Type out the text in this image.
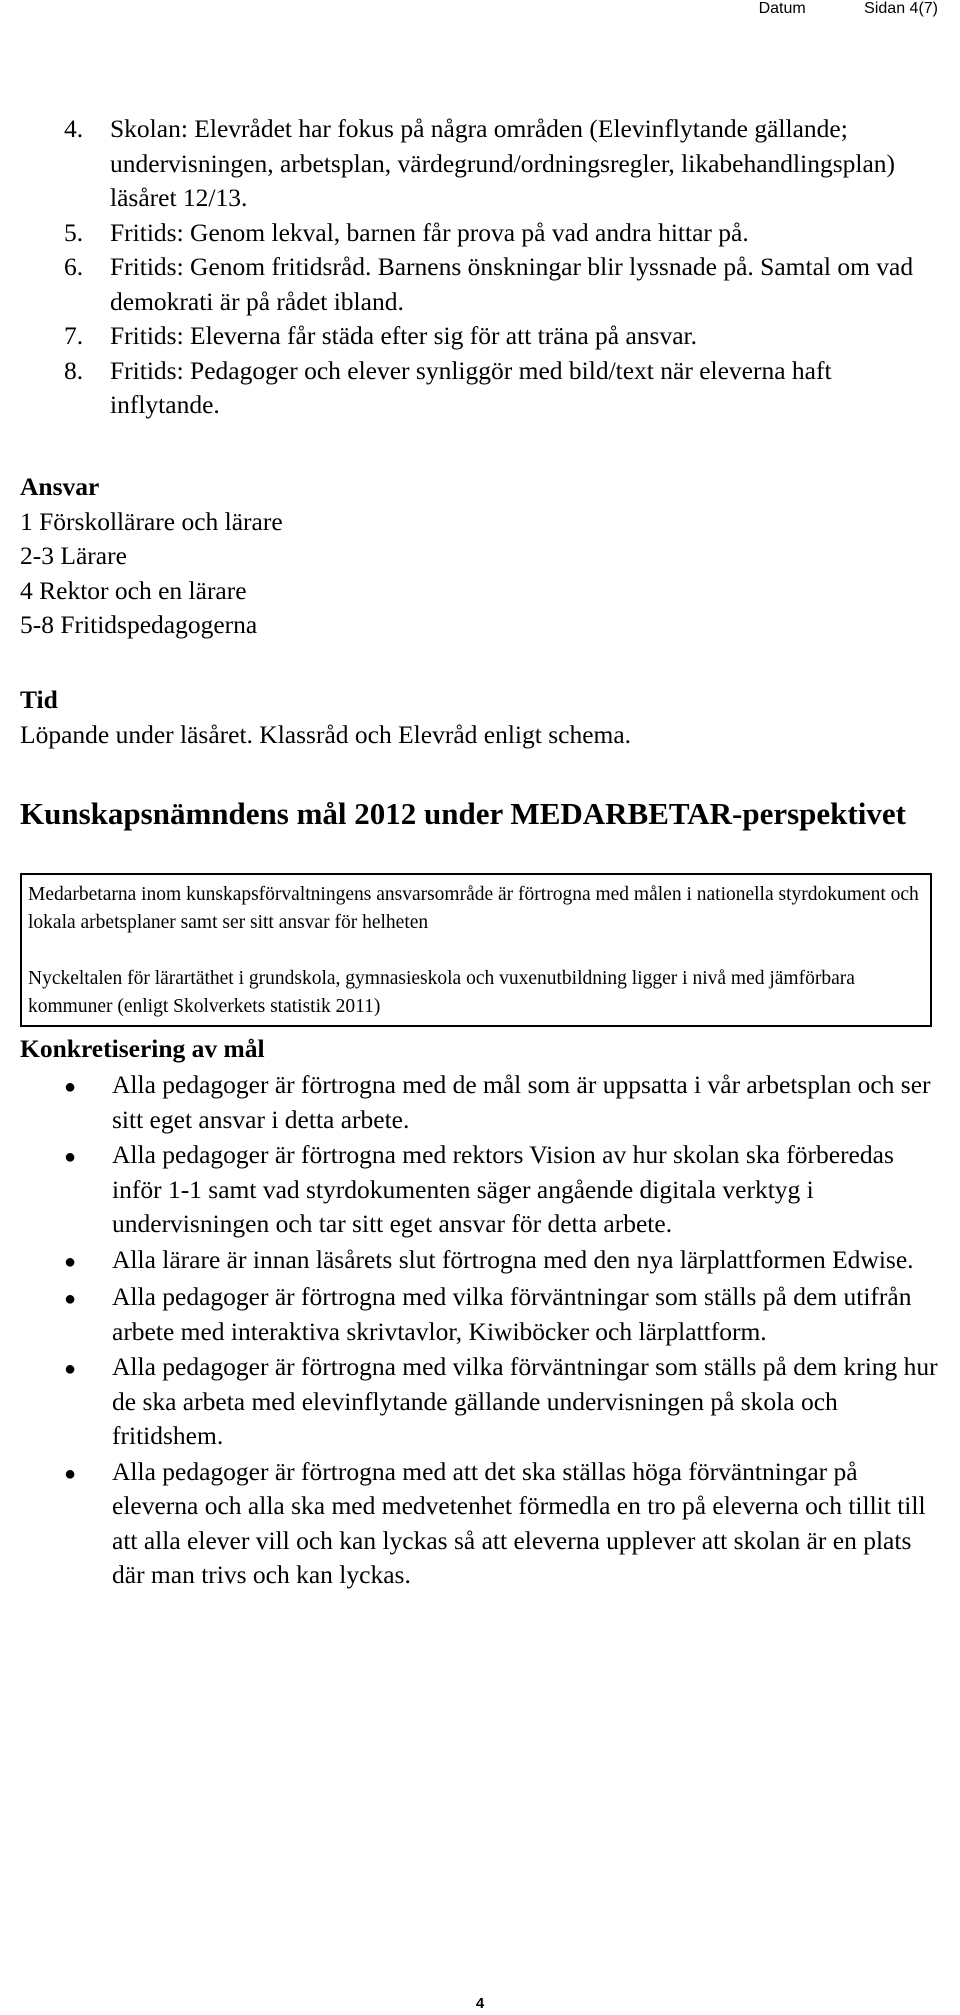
Datum	Sidan 4(7)
4.	Skolan: Elevrådet har fokus på några områden (Elevinflytande gällande; undervisningen, arbetsplan, värdegrund/ordningsregler, likabehandlingsplan) läsåret 12/13.
5.	Fritids: Genom lekval, barnen får prova på vad andra hittar på.
6.	Fritids: Genom fritidsråd. Barnens önskningar blir lyssnade på. Samtal om vad demokrati är på rådet ibland.
7.	Fritids: Eleverna får städa efter sig för att träna på ansvar.
8.	Fritids: Pedagoger och elever synliggör med bild/text när eleverna haft inflytande.
Ansvar
1 Förskollärare och lärare
2-3 Lärare
4 Rektor och en lärare
5-8 Fritidspedagogerna
Tid
Löpande under läsåret. Klassråd och Elevråd enligt schema.
Kunskapsnämndens mål 2012 under MEDARBETAR-perspektivet

Medarbetarna inom kunskapsförvaltningens ansvarsområde är förtrogna med målen i nationella styrdokument och lokala arbetsplaner samt ser sitt ansvar för helheten

Nyckeltalen för lärartäthet i grundskola, gymnasieskola och vuxenutbildning ligger i nivå med jämförbara kommuner (enligt Skolverkets statistik 2011)

Konkretisering av mål
●	Alla pedagoger är förtrogna med de mål som är uppsatta i vår arbetsplan och ser sitt eget ansvar i detta arbete.
●	Alla pedagoger är förtrogna med rektors Vision av hur skolan ska förberedas inför 1-1 samt vad styrdokumenten säger angående digitala verktyg i undervisningen och tar sitt eget ansvar för detta arbete.
●	Alla lärare är innan läsårets slut förtrogna med den nya lärplattformen Edwise.
●	Alla pedagoger är förtrogna med vilka förväntningar som ställs på dem utifrån arbete med interaktiva skrivtavlor, Kiwiböcker och lärplattform.
●	Alla pedagoger är förtrogna med vilka förväntningar som ställs på dem kring hur de ska arbeta med elevinflytande gällande undervisningen på skola och fritidshem.
●	Alla pedagoger är förtrogna med att det ska ställas höga förväntningar på eleverna och alla ska med medvetenhet förmedla en tro på eleverna och tillit till att alla elever vill och kan lyckas så att eleverna upplever att skolan är en plats där man trivs och kan lyckas.
4
